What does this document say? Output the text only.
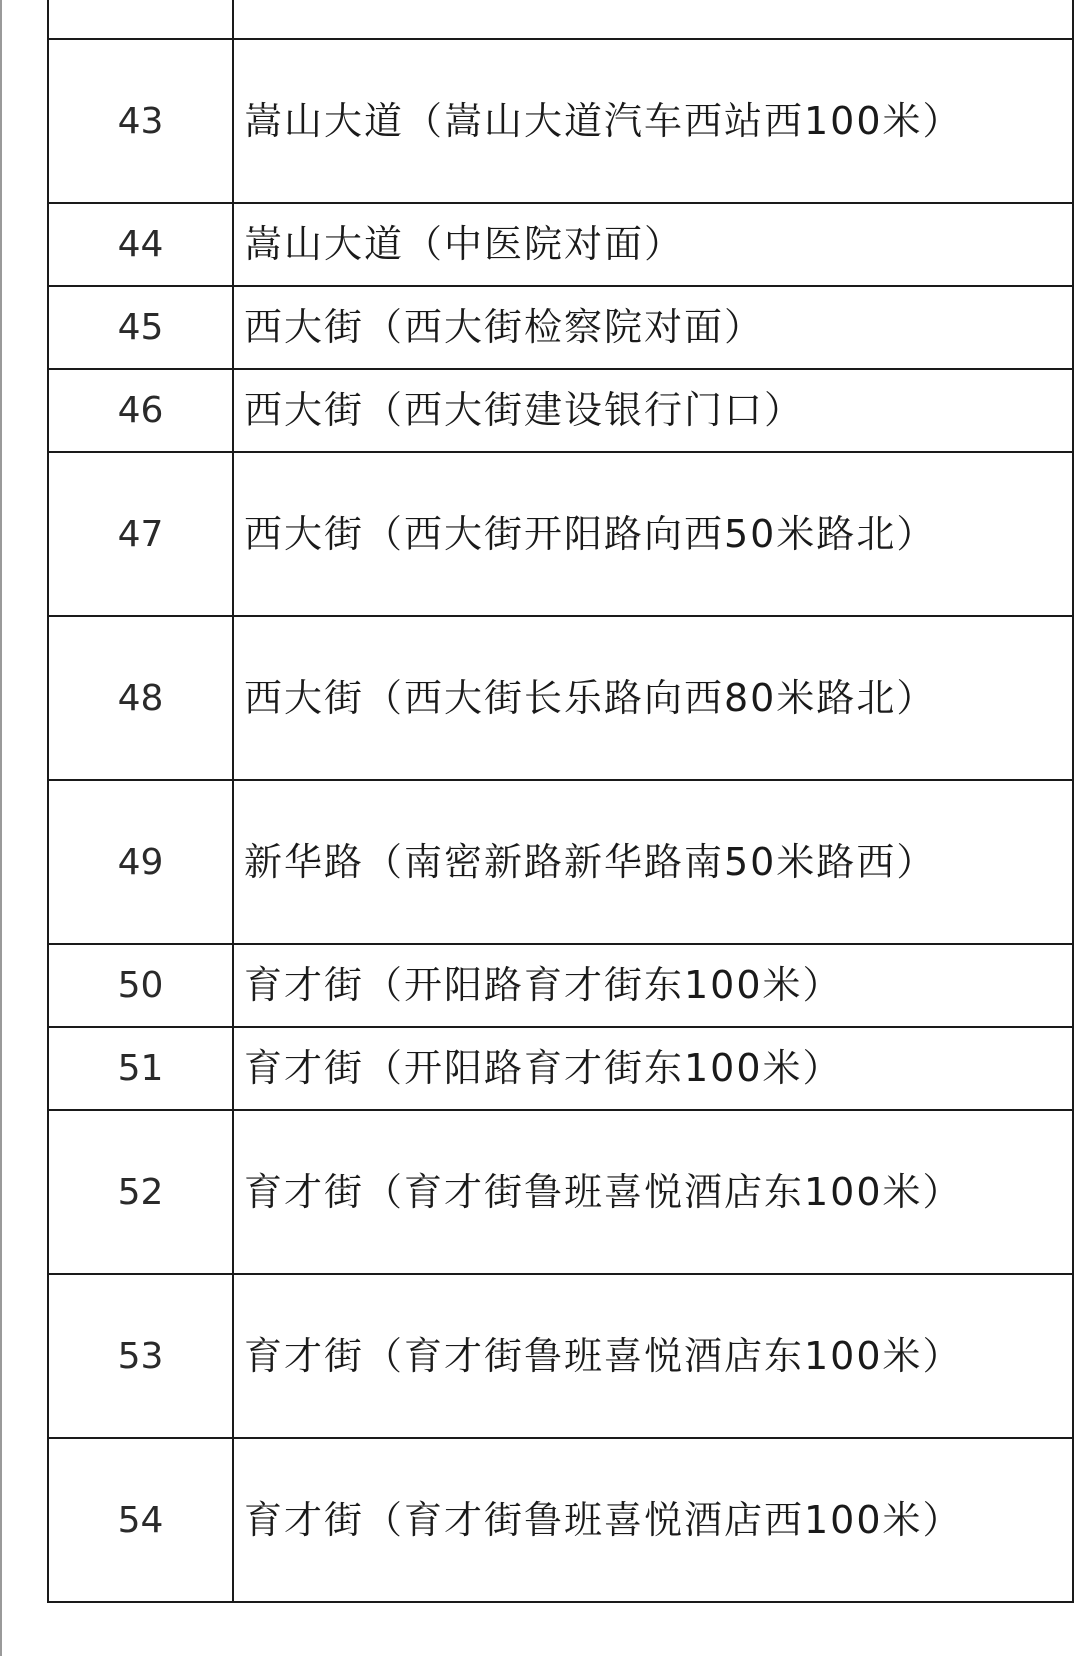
43	嵩山大道（嵩山大道汽车西站西100米）
44	嵩山大道（中医院对面）
45	西大街（西大街检察院对面）
46	西大街（西大街建设银行门口）
47	西大街（西大街开阳路向西50米路北）
48	西大街（西大街长乐路向西80米路北）
49	新华路（南密新路新华路南50米路西）
50	育才街（开阳路育才街东100米）
51	育才街（开阳路育才街东100米）
52	育才街（育才街鲁班喜悦酒店东100米）
53	育才街（育才街鲁班喜悦酒店东100米）
54	育才街（育才街鲁班喜悦酒店西100米）
